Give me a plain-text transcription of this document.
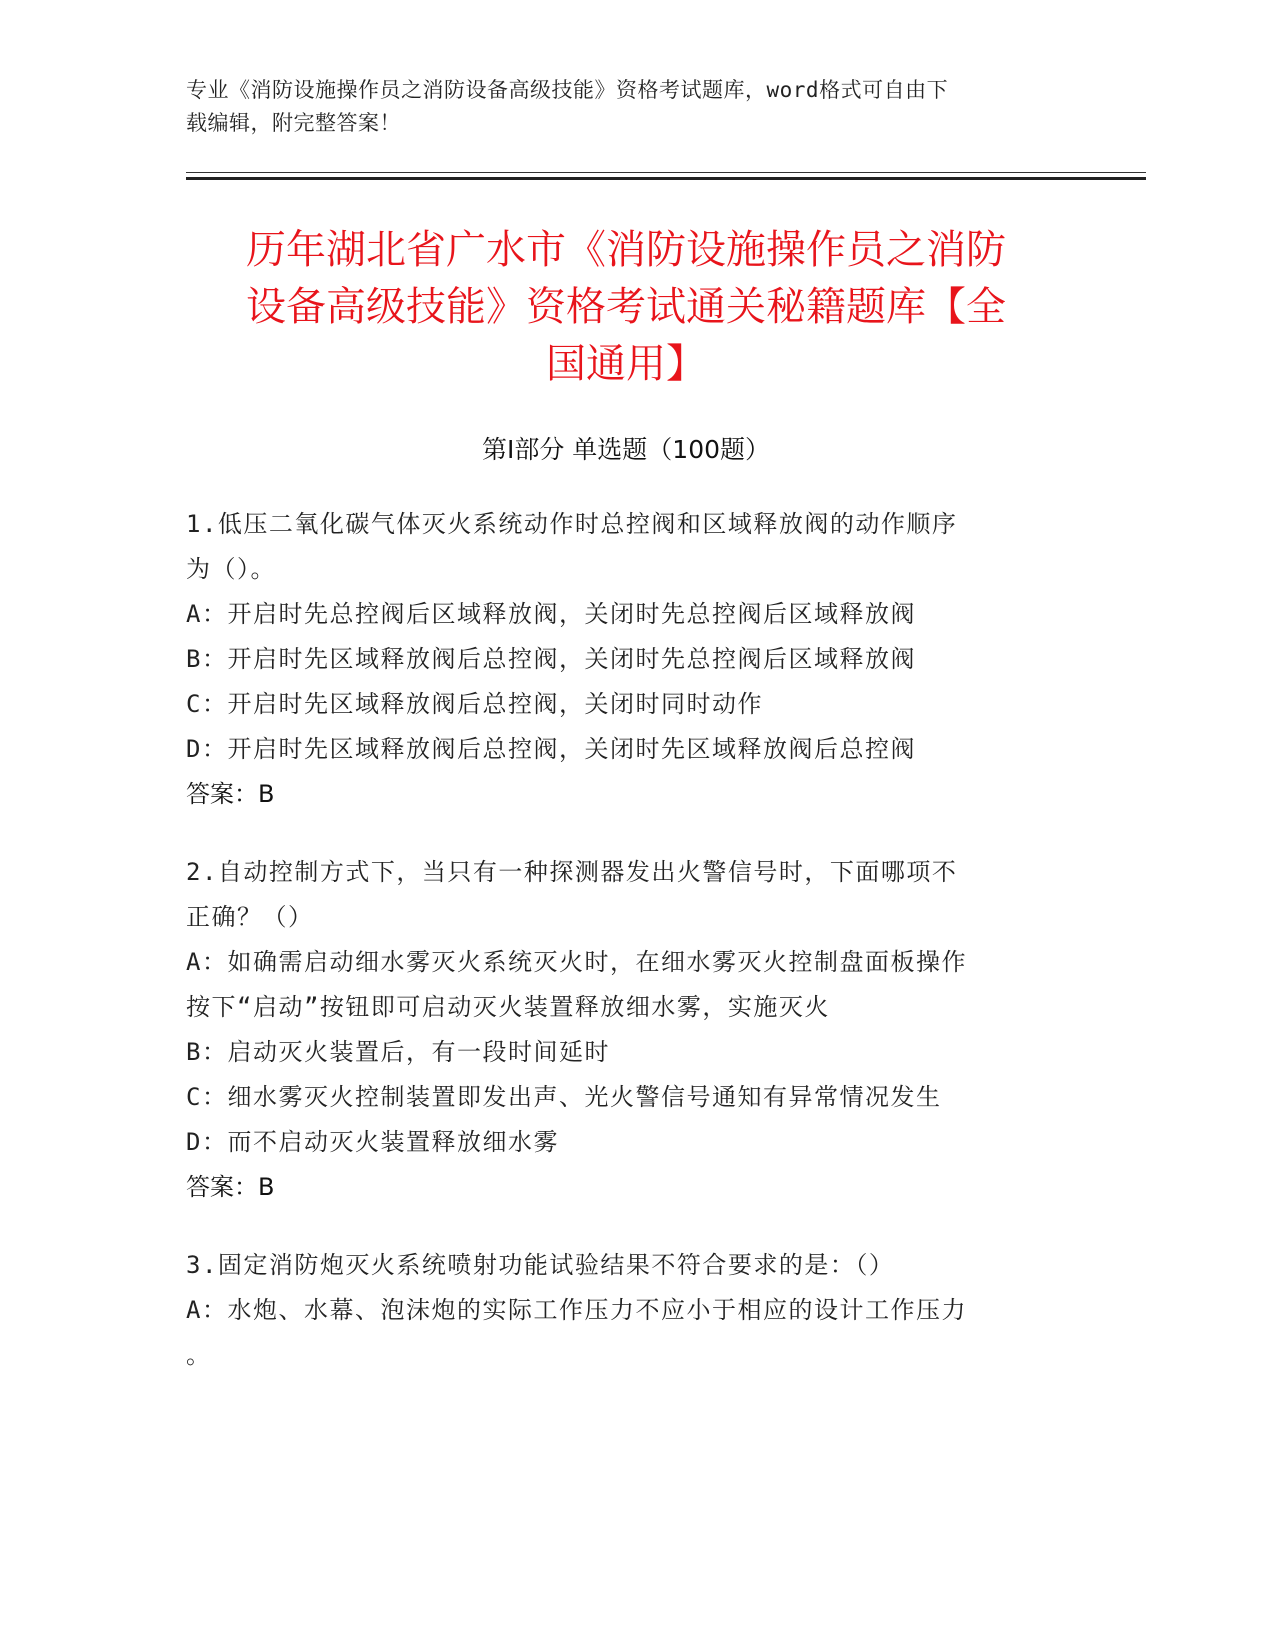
专业《消防设施操作员之消防设备高级技能》资格考试题库，word格式可自由下
载编辑，附完整答案！
历年湖北省广水市《消防设施操作员之消防
设备高级技能》资格考试通关秘籍题库【全
国通用】
第I部分 单选题（100题）
1.低压二氧化碳气体灭火系统动作时总控阀和区域释放阀的动作顺序
为（）。
A：开启时先总控阀后区域释放阀，关闭时先总控阀后区域释放阀
B：开启时先区域释放阀后总控阀，关闭时先总控阀后区域释放阀
C：开启时先区域释放阀后总控阀，关闭时同时动作
D：开启时先区域释放阀后总控阀，关闭时先区域释放阀后总控阀
答案：B
2.自动控制方式下，当只有一种探测器发出火警信号时，下面哪项不
正确？（）
A：如确需启动细水雾灭火系统灭火时，在细水雾灭火控制盘面板操作
按下“启动”按钮即可启动灭火装置释放细水雾，实施灭火
B：启动灭火装置后，有一段时间延时
C：细水雾灭火控制装置即发出声、光火警信号通知有异常情况发生
D：而不启动灭火装置释放细水雾
答案：B
3.固定消防炮灭火系统喷射功能试验结果不符合要求的是：（）
A：水炮、水幕、泡沫炮的实际工作压力不应小于相应的设计工作压力
。
